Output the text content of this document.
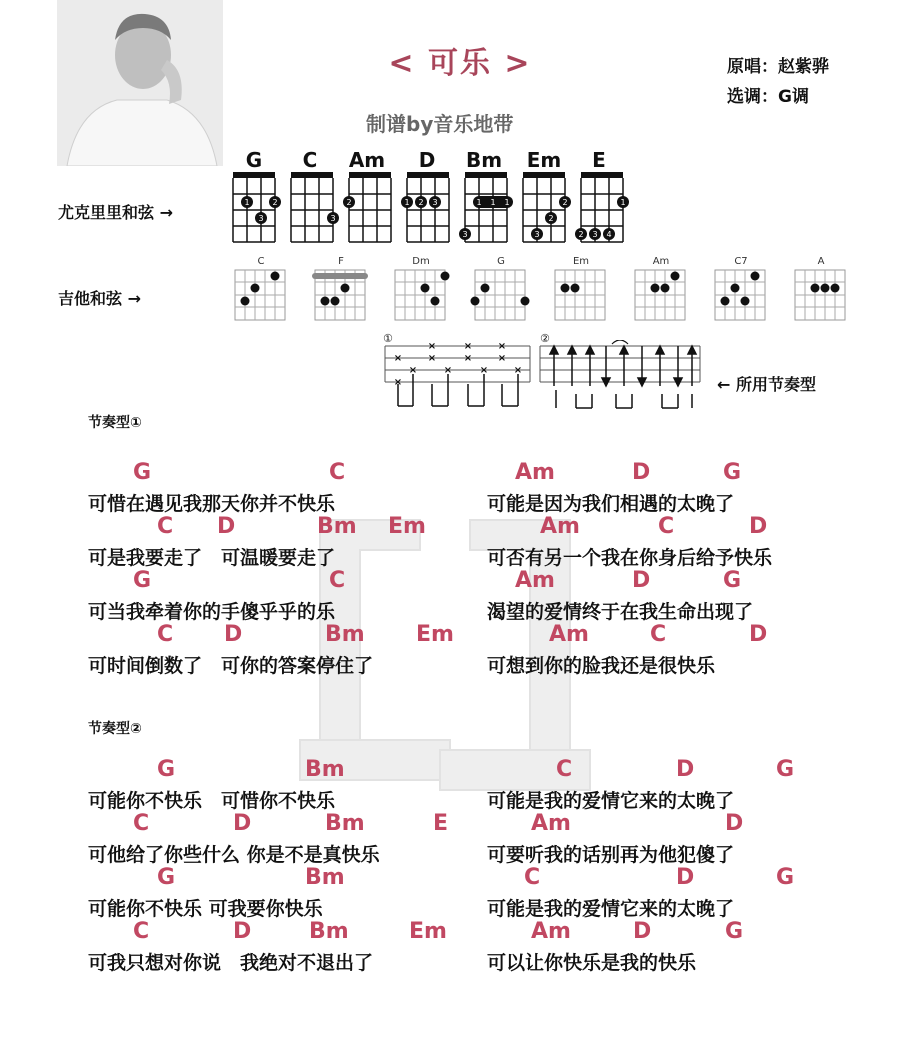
< 可乐 >	原唱：赵紫骅
选调：G调
制谱by音乐地带
尤克里里和弦 →
吉他和弦 →
← 所用节奏型
G	C	Am	D	Bm	Em	E
1	2
3	3
2	1 2 3	1 1 1
3
2
2
3
1
2 3 4
C	F	Dm	G	Em	Am	C7	A
①	②
×
×
×
×
×
×
×
×
×
×
×
×
节奏型①
节奏型②
G	C	Am	D	G
可惜在遇见我那天你并不快乐	可能是因为我们相遇的太晚了
C D	Bm Em	Am	C	D
可是我要走了　可温暖要走了	可否有另一个我在你身后给予快乐
G	C	Am	D	G
可当我牵着你的手傻乎乎的乐	渴望的爱情终于在我生命出现了
C D	Bm Em	Am	C	D
可时间倒数了　可你的答案停住了	可想到你的脸我还是很快乐
G	Bm	C	D	G
可能你不快乐　可惜你不快乐	可能是我的爱情它来的太晚了
C	D	Bm	E	Am	D
可他给了你些什么 你是不是真快乐	可要听我的话别再为他犯傻了
G	Bm	C	D	G
可能你不快乐 可我要你快乐	可能是我的爱情它来的太晚了
C	D	Bm	Em	Am	D	G
可我只想对你说　我绝对不退出了	可以让你快乐是我的快乐
